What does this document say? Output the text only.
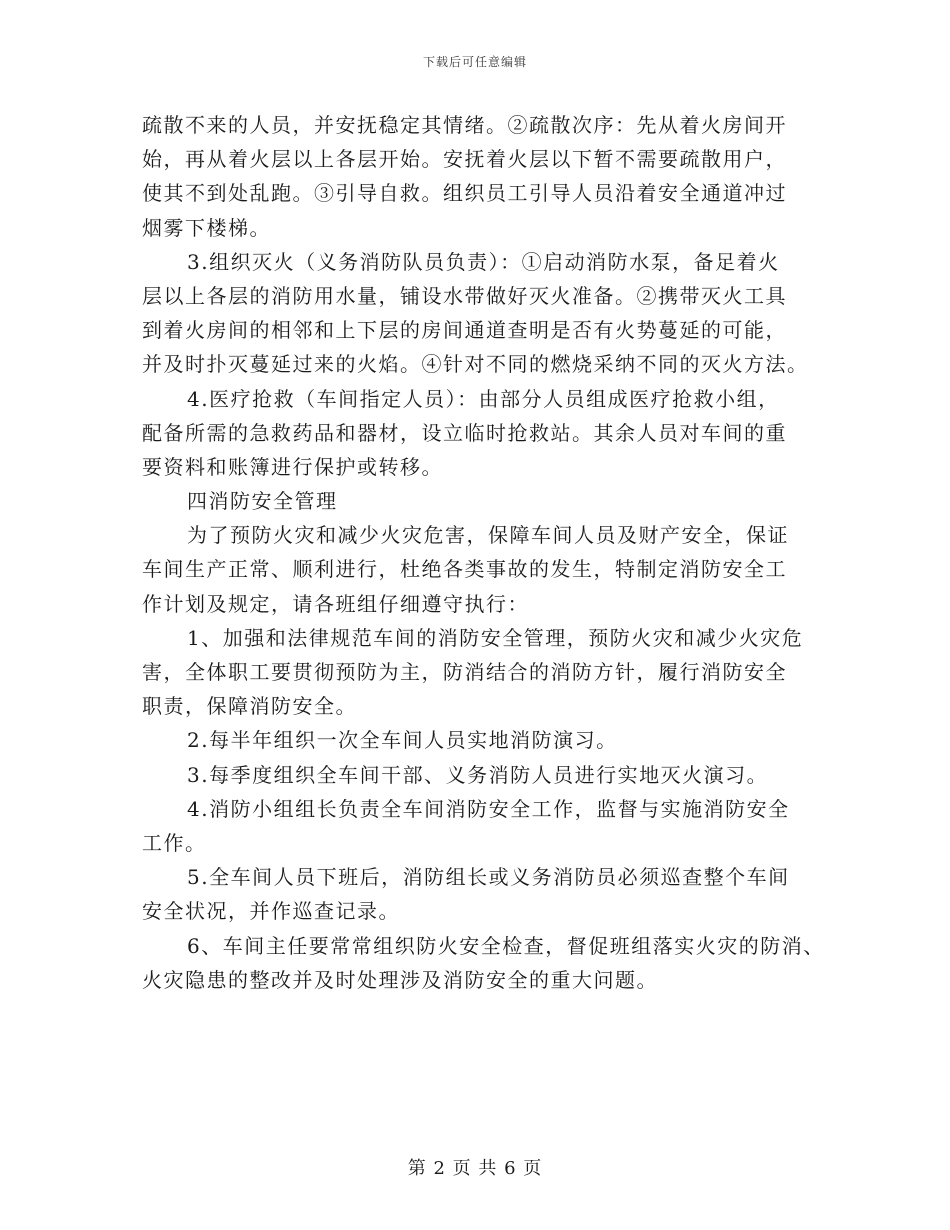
下载后可任意编辑
疏散不来的人员，并安抚稳定其情绪。②疏散次序：先从着火房间开
始，再从着火层以上各层开始。安抚着火层以下暂不需要疏散用户，
使其不到处乱跑。③引导自救。组织员工引导人员沿着安全通道冲过
烟雾下楼梯。
3.组织灭火（义务消防队员负责）：①启动消防水泵，备足着火
层以上各层的消防用水量，铺设水带做好灭火准备。②携带灭火工具
到着火房间的相邻和上下层的房间通道查明是否有火势蔓延的可能，
并及时扑灭蔓延过来的火焰。④针对不同的燃烧采纳不同的灭火方法。
4.医疗抢救（车间指定人员）：由部分人员组成医疗抢救小组，
配备所需的急救药品和器材，设立临时抢救站。其余人员对车间的重
要资料和账簿进行保护或转移。
四消防安全管理
为了预防火灾和减少火灾危害，保障车间人员及财产安全，保证
车间生产正常、顺利进行，杜绝各类事故的发生，特制定消防安全工
作计划及规定，请各班组仔细遵守执行：
1、加强和法律规范车间的消防安全管理，预防火灾和减少火灾危
害，全体职工要贯彻预防为主，防消结合的消防方针，履行消防安全
职责，保障消防安全。
2.每半年组织一次全车间人员实地消防演习。
3.每季度组织全车间干部、义务消防人员进行实地灭火演习。
4.消防小组组长负责全车间消防安全工作，监督与实施消防安全
工作。
5.全车间人员下班后，消防组长或义务消防员必须巡查整个车间
安全状况，并作巡查记录。
6、车间主任要常常组织防火安全检查，督促班组落实火灾的防消、
火灾隐患的整改并及时处理涉及消防安全的重大问题。
第 2 页 共 6 页
